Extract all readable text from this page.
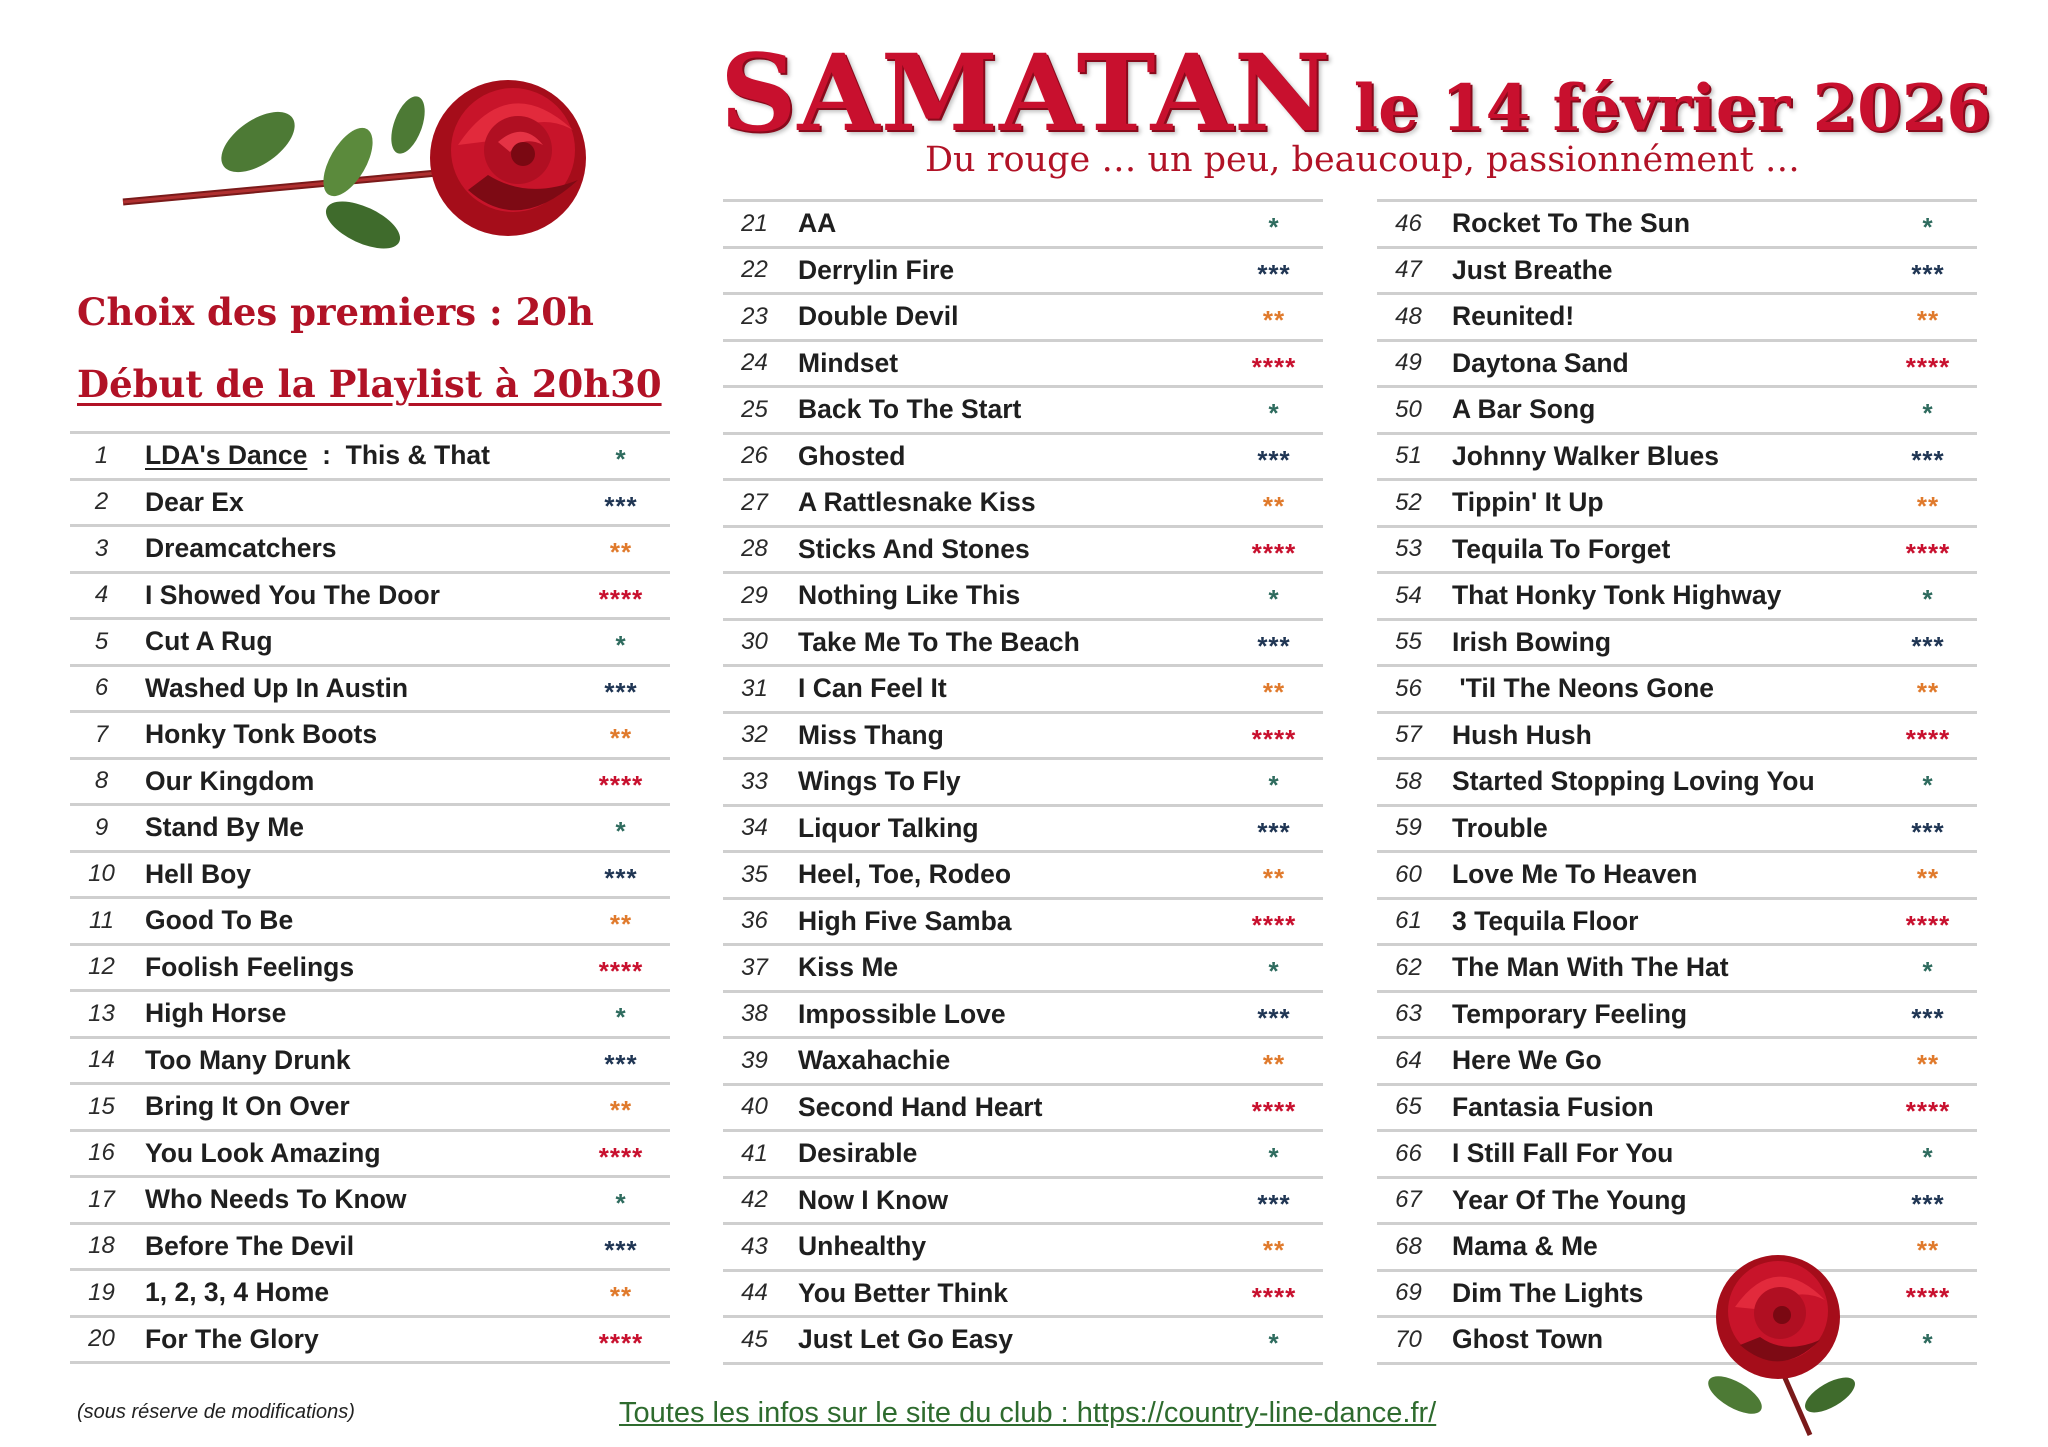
SAMATAN le 14 février 2026
Du rouge … un peu, beaucoup, passionnément …
Choix des premiers : 20h
Début de la Playlist à 20h30
1	LDA's Dance  :  This & That	*
2	Dear Ex	***
3	Dreamcatchers	**
4	I Showed You The Door	****
5	Cut A Rug	*
6	Washed Up In Austin	***
7	Honky Tonk Boots	**
8	Our Kingdom	****
9	Stand By Me	*
10	Hell Boy	***
11	Good To Be	**
12	Foolish Feelings	****
13	High Horse	*
14	Too Many Drunk	***
15	Bring It On Over	**
16	You Look Amazing	****
17	Who Needs To Know	*
18	Before The Devil	***
19	1, 2, 3, 4 Home	**
20	For The Glory	****
21	AA	*
22	Derrylin Fire	***
23	Double Devil	**
24	Mindset	****
25	Back To The Start	*
26	Ghosted	***
27	A Rattlesnake Kiss	**
28	Sticks And Stones	****
29	Nothing Like This	*
30	Take Me To The Beach	***
31	I Can Feel It	**
32	Miss Thang	****
33	Wings To Fly	*
34	Liquor Talking	***
35	Heel, Toe, Rodeo	**
36	High Five Samba	****
37	Kiss Me	*
38	Impossible Love	***
39	Waxahachie	**
40	Second Hand Heart	****
41	Desirable	*
42	Now I Know	***
43	Unhealthy	**
44	You Better Think	****
45	Just Let Go Easy	*
46	Rocket To The Sun	*
47	Just Breathe	***
48	Reunited!	**
49	Daytona Sand	****
50	A Bar Song	*
51	Johnny Walker Blues	***
52	Tippin' It Up	**
53	Tequila To Forget	****
54	That Honky Tonk Highway	*
55	Irish Bowing	***
56	'Til The Neons Gone	**
57	Hush Hush	****
58	Started Stopping Loving You	*
59	Trouble	***
60	Love Me To Heaven	**
61	3 Tequila Floor	****
62	The Man With The Hat	*
63	Temporary Feeling	***
64	Here We Go	**
65	Fantasia Fusion	****
66	I Still Fall For You	*
67	Year Of The Young	***
68	Mama & Me	**
69	Dim The Lights	****
70	Ghost Town	*
(sous réserve de modifications)	Toutes les infos sur le site du club : https://country-line-dance.fr/
